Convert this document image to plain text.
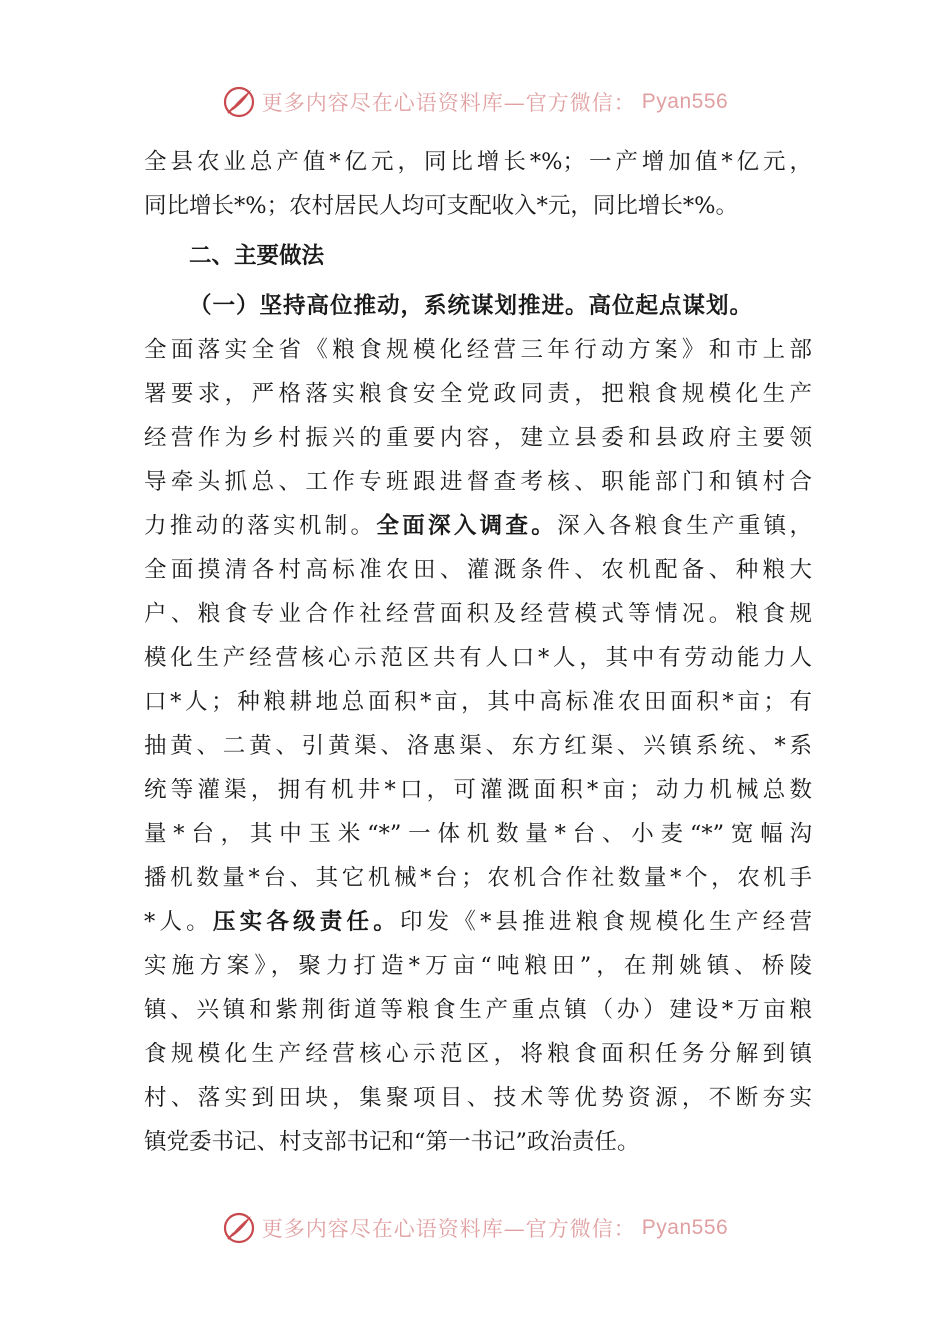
更多内容尽在心语资料库—官方微信： Pyan556
全县农业总产值*亿元，同比增长*%；一产增加值*亿元，
同比增长*%；农村居民人均可支配收入*元，同比增长*%。
二、主要做法
（一）坚持高位推动，系统谋划推进。高位起点谋划。
全面落实全省《粮食规模化经营三年行动方案》和市上部
署要求，严格落实粮食安全党政同责，把粮食规模化生产
经营作为乡村振兴的重要内容，建立县委和县政府主要领
导牵头抓总、工作专班跟进督查考核、职能部门和镇村合
力推动的落实机制。全面深入调查。深入各粮食生产重镇，
全面摸清各村高标准农田、灌溉条件、农机配备、种粮大
户、粮食专业合作社经营面积及经营模式等情况。粮食规
模化生产经营核心示范区共有人口*人，其中有劳动能力人
口*人；种粮耕地总面积*亩，其中高标准农田面积*亩；有
抽黄、二黄、引黄渠、洛惠渠、东方红渠、兴镇系统、*系
统等灌渠，拥有机井*口，可灌溉面积*亩；动力机械总数
量*台，其中玉米“*”一体机数量*台、小麦“*”宽幅沟
播机数量*台、其它机械*台；农机合作社数量*个，农机手
*人。压实各级责任。印发《*县推进粮食规模化生产经营
实施方案》，聚力打造*万亩“吨粮田”，在荆姚镇、桥陵
镇、兴镇和紫荆街道等粮食生产重点镇（办）建设*万亩粮
食规模化生产经营核心示范区，将粮食面积任务分解到镇
村、落实到田块，集聚项目、技术等优势资源，不断夯实
镇党委书记、村支部书记和“第一书记”政治责任。
更多内容尽在心语资料库—官方微信： Pyan556
